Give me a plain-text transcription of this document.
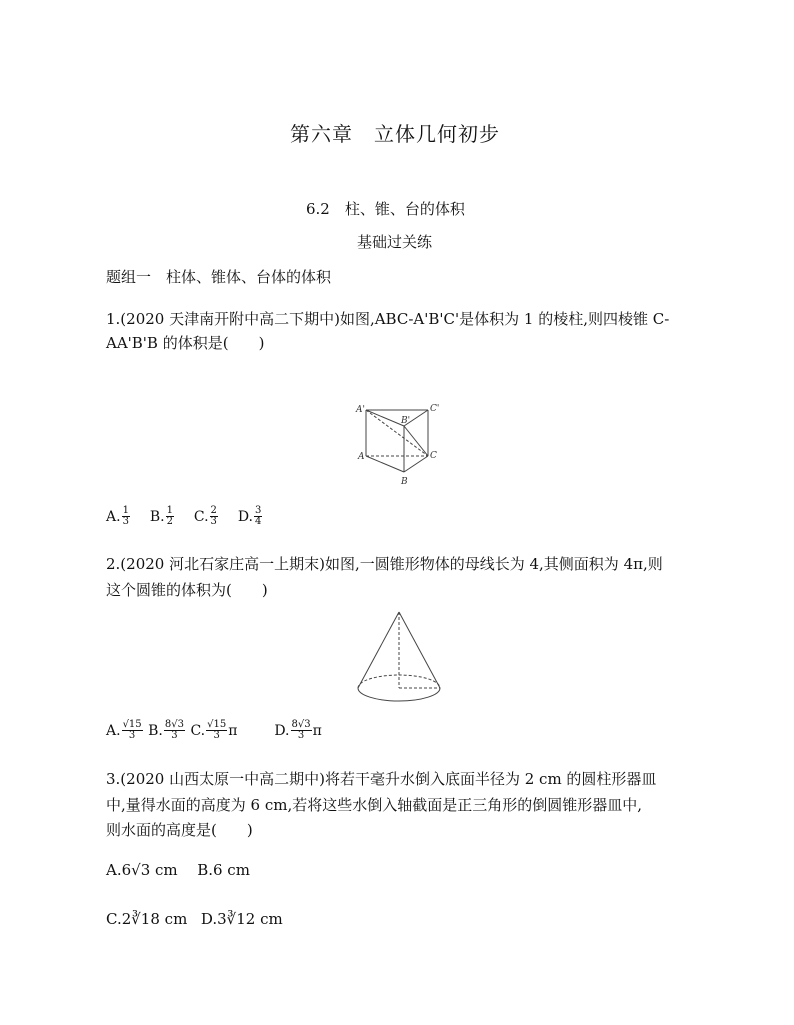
第六章　立体几何初步
6.2　柱、锥、台的体积
基础过关练
题组一　柱体、锥体、台体的体积
1.(2020 天津南开附中高二下期中)如图,ABC-A'B'C'是体积为 1 的棱柱,则四棱锥 C-
AA'B'B 的体积是(　　)
A'	C'
B'
A	C
B
A. $\frac{1}{3} B$. $\frac{1}{2} C$. $\frac{2}{3} D$. $\frac{3}{4}$
2.(2020 河北石家庄高一上期末)如图,一圆锥形物体的母线长为 4,其侧面积为 4π,则
这个圆锥的体积为(　　)
A. $\frac{√15}{3} B$. $\frac{8√3}{3} C$. $\frac{√15}{3}$ π	D. $\frac{8√3}{3}$ π
3.(2020 山西太原一中高二期中)将若干毫升水倒入底面半径为 2 cm 的圆柱形器皿
中,量得水面的高度为 6 cm,若将这些水倒入轴截面是正三角形的倒圆锥形器皿中,
则水面的高度是(　　)
A.6√3 cm B.6 cm
C.2∛18 cm D.3∛12 cm
